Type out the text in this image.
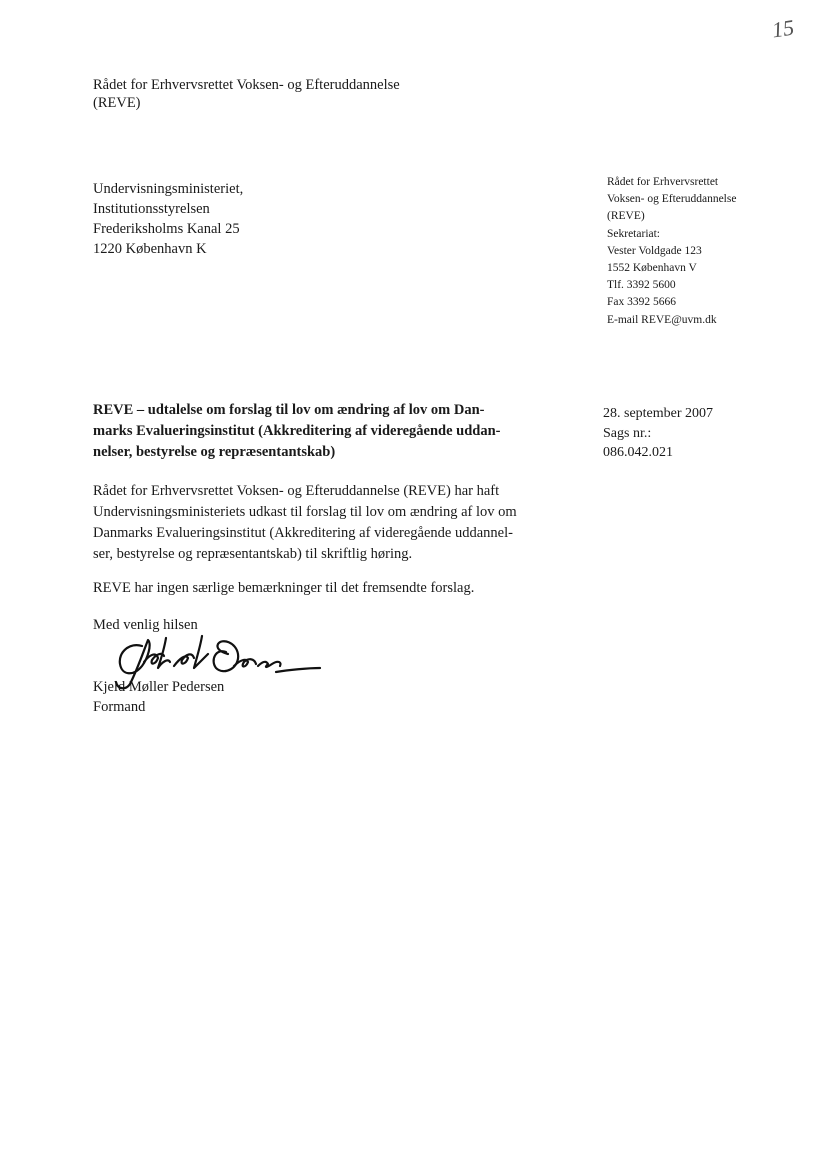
15
Rådet for Erhvervsrettet Voksen- og Efteruddannelse
(REVE)
Undervisningsministeriet,
Institutionsstyrelsen
Frederiksholms Kanal 25
1220 København K
Rådet for Erhvervsrettet
Voksen- og Efteruddannelse
(REVE)
Sekretariat:
Vester Voldgade 123
1552 København V
Tlf. 3392 5600
Fax 3392 5666
E-mail REVE@uvm.dk
REVE – udtalelse om forslag til lov om ændring af lov om Dan-
marks Evalueringsinstitut (Akkreditering af videregående uddan-
nelser, bestyrelse og repræsentantskab)
28. september 2007
Sags nr.:
086.042.021
Rådet for Erhvervsrettet Voksen- og Efteruddannelse (REVE) har haft
Undervisningsministeriets udkast til forslag til lov om ændring af lov om
Danmarks Evalueringsinstitut (Akkreditering af videregående uddannel-
ser, bestyrelse og repræsentantskab) til skriftlig høring.
REVE har ingen særlige bemærkninger til det fremsendte forslag.
Med venlig hilsen
Kjeld Møller Pedersen
Formand
